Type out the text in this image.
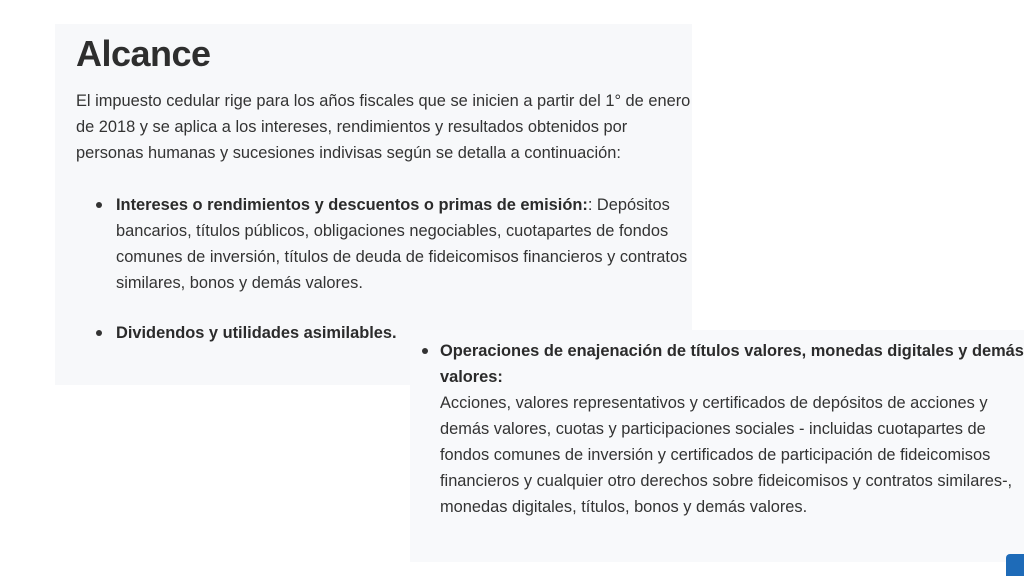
Alcance

El impuesto cedular rige para los años fiscales que se inicien a partir del 1° de enero de 2018 y se aplica a los intereses, rendimientos y resultados obtenidos por personas humanas y sucesiones indivisas según se detalla a continuación:

Intereses o rendimientos y descuentos o primas de emisión:: Depósitos bancarios, títulos públicos, obligaciones negociables, cuotapartes de fondos comunes de inversión, títulos de deuda de fideicomisos financieros y contratos similares, bonos y demás valores.
Dividendos y utilidades asimilables.
Operaciones de enajenación de títulos valores, monedas digitales y demás valores:
Acciones, valores representativos y certificados de depósitos de acciones y demás valores, cuotas y participaciones sociales - incluidas cuotapartes de fondos comunes de inversión y certificados de participación de fideicomisos financieros y cualquier otro derechos sobre fideicomisos y contratos similares-, monedas digitales, títulos, bonos y demás valores.
